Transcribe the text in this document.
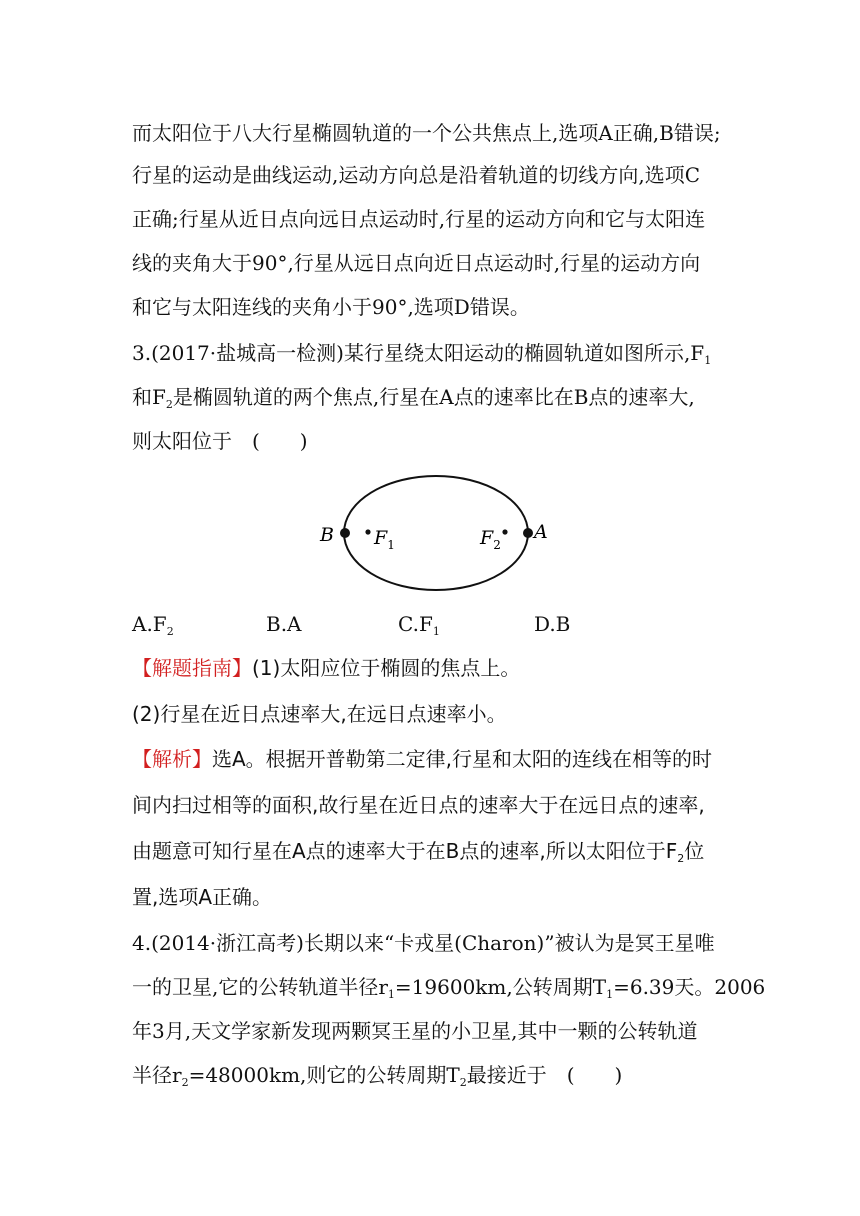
而太阳位于八大行星椭圆轨道的一个公共焦点上,选项A正确,B错误;
行星的运动是曲线运动,运动方向总是沿着轨道的切线方向,选项C
正确;行星从近日点向远日点运动时,行星的运动方向和它与太阳连
线的夹角大于90°,行星从远日点向近日点运动时,行星的运动方向
和它与太阳连线的夹角小于90°,选项D错误。
3.(2017·盐城高一检测)某行星绕太阳运动的椭圆轨道如图所示$,F_1$
和$F_2$是椭圆轨道的两个焦点,行星在A点的速率比在B点的速率大,
则太阳位于　(　　)
B $F_1$	$F_2$
A
$A.F_2$	B.A	$C.F_1$	D.B
【解题指南】(1)太阳应位于椭圆的焦点上。
(2)行星在近日点速率大,在远日点速率小。
【解析】选A。根据开普勒第二定律,行星和太阳的连线在相等的时
间内扫过相等的面积,故行星在近日点的速率大于在远日点的速率,
由题意可知行星在A点的速率大于在B点的速率,所以太阳位于$F_2$位
置,选项A正确。
4.(2014·浙江高考)长期以来“卡戎星(Charon)”被认为是冥王星唯
一的卫星,它的公转轨道半径$r_1=19600km$,公转周期$T_1=6.39$天。2006
年3月,天文学家新发现两颗冥王星的小卫星,其中一颗的公转轨道
半径$r_2=48000km$,则它的公转周期$T_2$最接近于　(　　)
